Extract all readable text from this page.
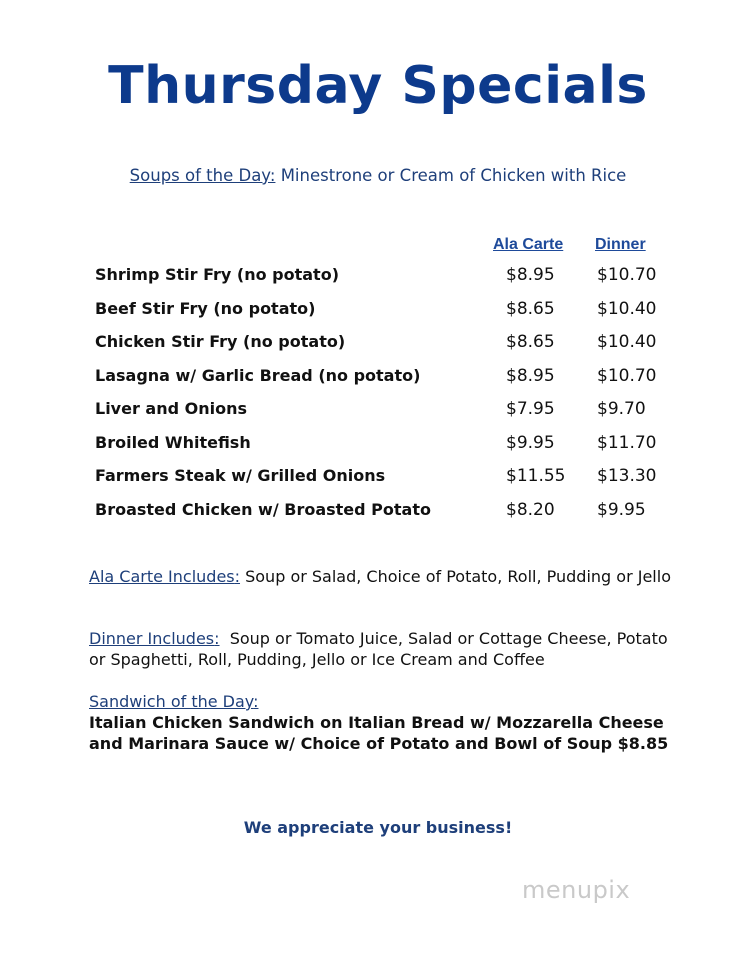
Thursday Specials
Soups of the Day: Minestrone or Cream of Chicken with Rice
Ala Carte Dinner
Shrimp Stir Fry (no potato)	$8.95 $10.70
Beef Stir Fry (no potato)	$8.65 $10.40
Chicken Stir Fry (no potato)	$8.65 $10.40
Lasagna w/ Garlic Bread (no potato)	$8.95 $10.70
Liver and Onions	$7.95 $9.70
Broiled Whitefish	$9.95 $11.70
Farmers Steak w/ Grilled Onions	$11.55 $13.30
Broasted Chicken w/ Broasted Potato	$8.20 $9.95
Ala Carte Includes: Soup or Salad, Choice of Potato, Roll, Pudding or Jello
Dinner Includes: Soup or Tomato Juice, Salad or Cottage Cheese, Potato or Spaghetti, Roll, Pudding, Jello or Ice Cream and Coffee
Sandwich of the Day:
Italian Chicken Sandwich on Italian Bread w/ Mozzarella Cheese and Marinara Sauce w/ Choice of Potato and Bowl of Soup $8.85
We appreciate your business!
menupix
